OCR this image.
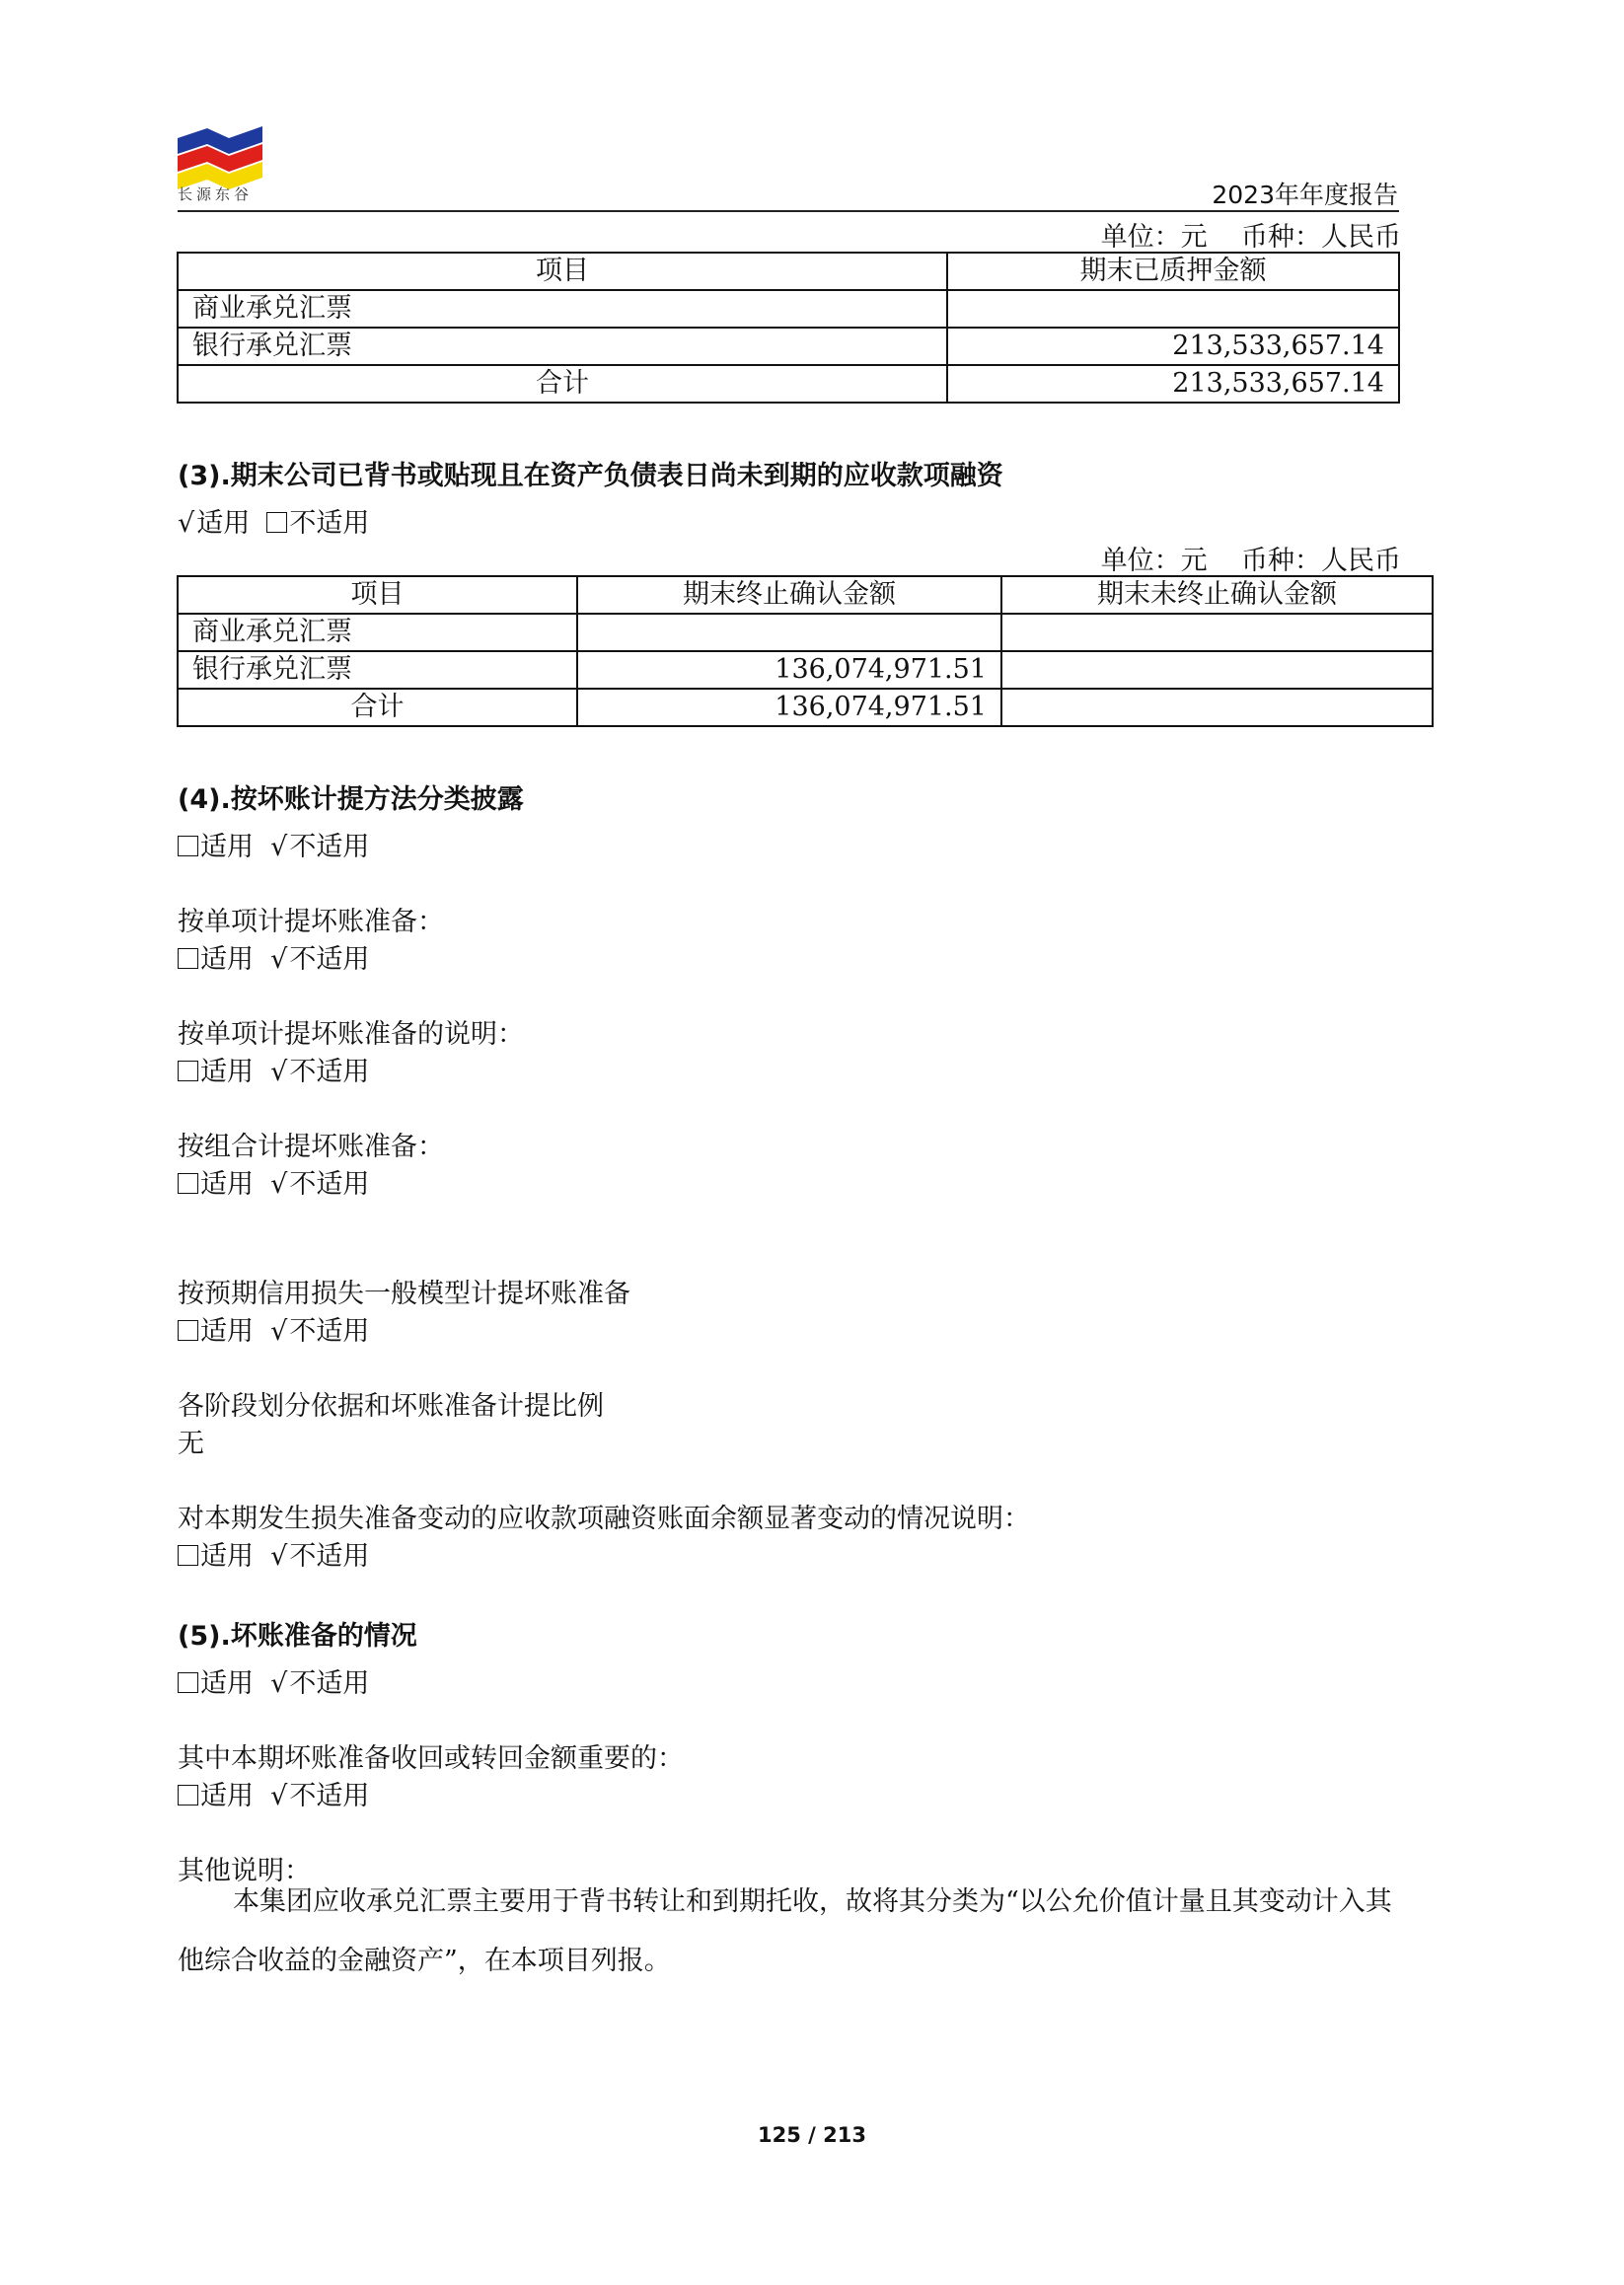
长源东谷	2023年年度报告
单位：元    币种：人民币
项目	期末已质押金额
商业承兑汇票	
银行承兑汇票	213,533,657.14
合计	213,533,657.14
(3).期末公司已背书或贴现且在资产负债表日尚未到期的应收款项融资
√适用 不适用
单位：元    币种：人民币
项目	期末终止确认金额	期末未终止确认金额
商业承兑汇票		
银行承兑汇票	136,074,971.51	
合计	136,074,971.51	
(4).按坏账计提方法分类披露
适用 √不适用
按单项计提坏账准备：
适用 √不适用
按单项计提坏账准备的说明：
适用 √不适用
按组合计提坏账准备：
适用 √不适用
按预期信用损失一般模型计提坏账准备
适用 √不适用
各阶段划分依据和坏账准备计提比例
无
对本期发生损失准备变动的应收款项融资账面余额显著变动的情况说明：
适用 √不适用
(5).坏账准备的情况
适用 √不适用
其中本期坏账准备收回或转回金额重要的：
适用 √不适用
其他说明：
本集团应收承兑汇票主要用于背书转让和到期托收，故将其分类为“以公允价值计量且其变动计入其他综合收益的金融资产”，在本项目列报。
125 / 213
